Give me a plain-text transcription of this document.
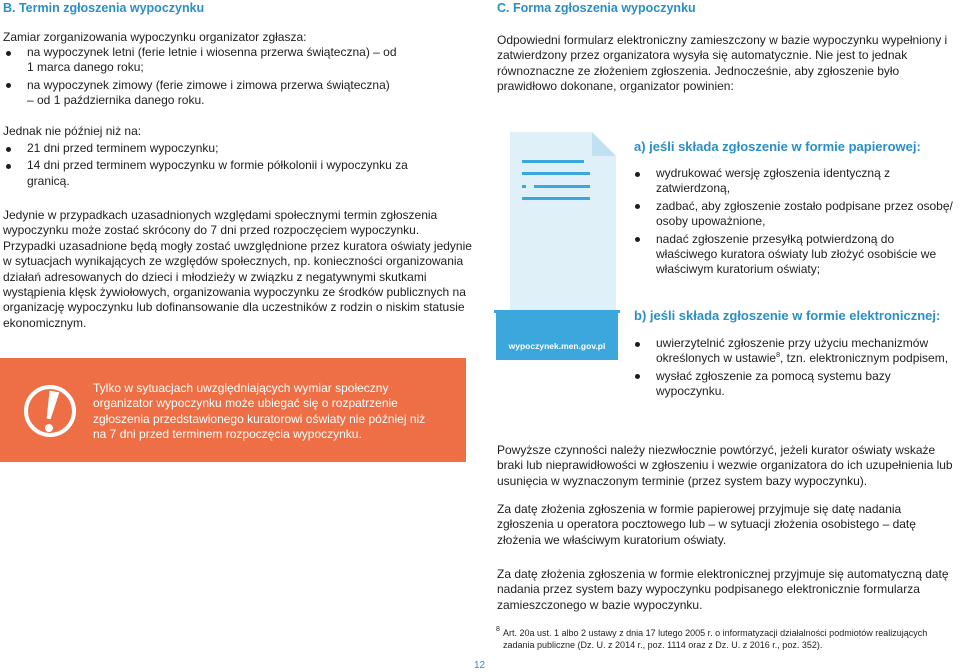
B. Termin zgłoszenia wypoczynku

Zamiar zorganizowania wypoczynku organizator zgłasza:

na wypoczynek letni (ferie letnie i wiosenna przerwa świąteczna) – od 1 marca danego roku;
na wypoczynek zimowy (ferie zimowe i zimowa przerwa świąteczna) – od 1 października danego roku.

Jednak nie później niż na:

21 dni przed terminem wypoczynku;
14 dni przed terminem wypoczynku w formie półkolonii i wypoczynku za granicą.

Jedynie w przypadkach uzasadnionych względami społecznymi termin zgłoszenia wypoczynku może zostać skrócony do 7 dni przed rozpoczęciem wypoczynku. Przypadki uzasadnione będą mogły zostać uwzględnione przez kuratora oświaty jedynie w sytuacjach wynikających ze względów społecznych, np. konieczności organizowania działań adresowanych do dzieci i młodzieży w związku z negatywnymi skutkami wystąpienia klęsk żywiołowych, organizowania wypoczynku ze środków publicznych na organizację wypoczynku lub dofinansowanie dla uczestników z rodzin o niskim statusie ekonomicznym.

Tylko w sytuacjach uwzględniających wymiar społeczny organizator wypoczynku może ubiegać się o rozpatrzenie zgłoszenia przedstawionego kuratorowi oświaty nie później niż na 7 dni przed terminem rozpoczęcia wypoczynku.

C. Forma zgłoszenia wypoczynku

Odpowiedni formularz elektroniczny zamieszczony w bazie wypoczynku wypełniony i zatwierdzony przez organizatora wysyła się automatycznie. Nie jest to jednak równoznaczne ze złożeniem zgłoszenia. Jednocześnie, aby zgłoszenie było prawidłowo dokonane, organizator powinien:

wypoczynek.men.gov.pl
a) jeśli składa zgłoszenie w formie papierowej:
wydrukować wersję zgłoszenia identyczną z zatwierdzoną,
zadbać, aby zgłoszenie zostało podpisane przez osobę/ osoby upoważnione,
nadać zgłoszenie przesyłką potwierdzoną do właściwego kuratora oświaty lub złożyć osobiście we właściwym kuratorium oświaty;
b) jeśli składa zgłoszenie w formie elektronicznej:
uwierzytelnić zgłoszenie przy użyciu mechanizmów określonych w ustawie$^8$, tzn. elektronicznym podpisem,
wysłać zgłoszenie za pomocą systemu bazy wypoczynku.

Powyższe czynności należy niezwłocznie powtórzyć, jeżeli kurator oświaty wskaże braki lub nieprawidłowości w zgłoszeniu i wezwie organizatora do ich uzupełnienia lub usunięcia w wyznaczonym terminie (przez system bazy wypoczynku).

Za datę złożenia zgłoszenia w formie papierowej przyjmuje się datę nadania zgłoszenia u operatora pocztowego lub – w sytuacji złożenia osobistego – datę złożenia we właściwym kuratorium oświaty.

Za datę złożenia zgłoszenia w formie elektronicznej przyjmuje się automatyczną datę nadania przez system bazy wypoczynku podpisanego elektronicznie formularza zamieszczonego w bazie wypoczynku.

8 Art. 20a ust. 1 albo 2 ustawy z dnia 17 lutego 2005 r. o informatyzacji działalności podmiotów realizujących zadania publiczne (Dz. U. z 2014 r., poz. 1114 oraz z Dz. U. z 2016 r., poz. 352).

12
